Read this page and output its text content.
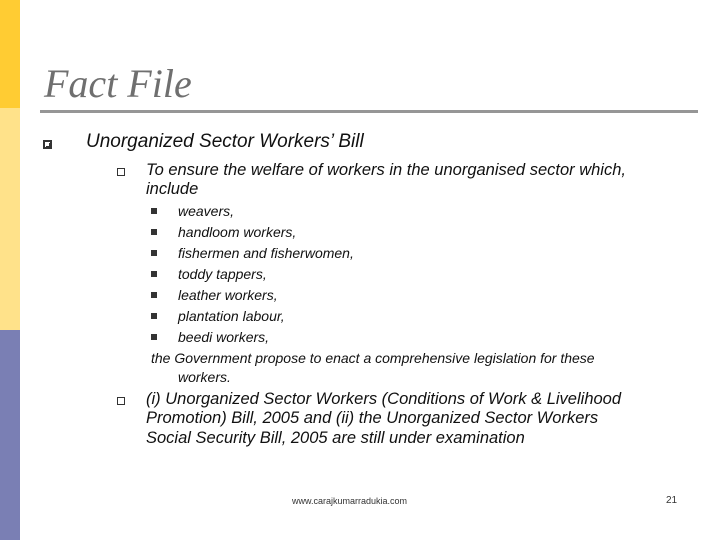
Fact File
Unorganized Sector Workers’ Bill
To ensure the welfare of workers in the unorganised sector which,
include
weavers,
handloom workers,
fishermen and fisherwomen,
toddy tappers,
leather workers,
plantation labour,
beedi workers,
the Government propose to enact a comprehensive legislation for these
workers.
(i) Unorganized Sector Workers (Conditions of Work & Livelihood
Promotion) Bill, 2005 and (ii) the Unorganized Sector Workers
Social Security Bill, 2005 are still under examination
www.carajkumarradukia.com	21
